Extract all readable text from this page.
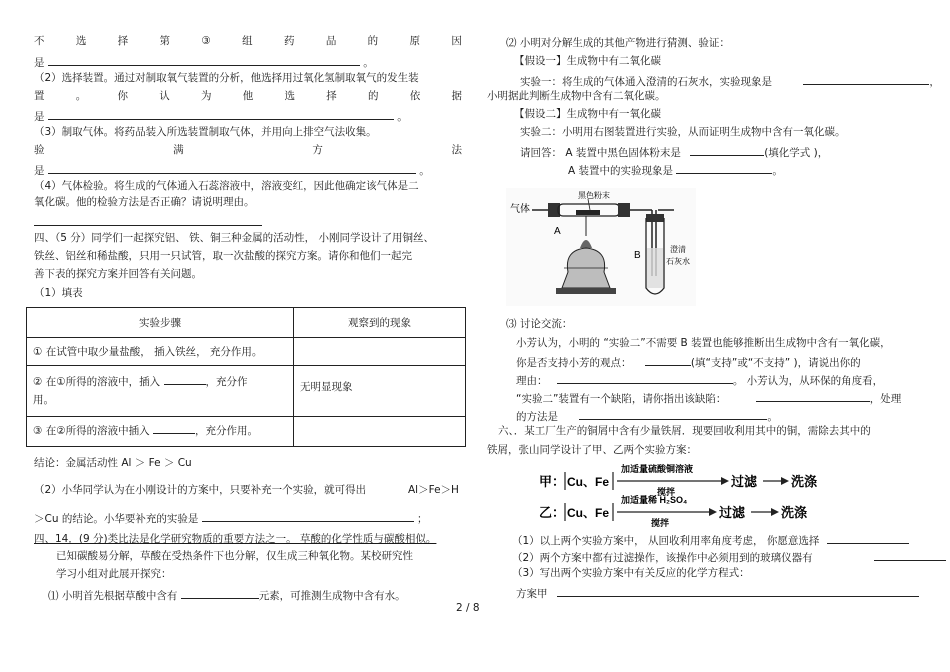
不	选	择	第	③	组	药	品	的	原	因
是	。
（2）选择装置。通过对制取氧气装置的分析，他选择用过氧化氢制取氧气的发生装
置	。	你	认	为	他	选	择	的	依	据
是	。
（3）制取气体。将药品装入所选装置制取气体，并用向上排空气法收集。
验	满	方	法
是	。
（4）气体检验。将生成的气体通入石蕊溶液中，溶液变红，因此他确定该气体是二
氧化碳。他的检验方法是否正确？请说明理由。
四、（5 分）同学们一起探究铝、 铁、铜三种金属的活动性， 小刚同学设计了用铜丝、
铁丝、铝丝和稀盐酸，只用一只试管，取一次盐酸的探究方案。请你和他们一起完
善下表的探究方案并回答有关问题。
（1）填表
实验步骤	观察到的现象
① 在试管中取少量盐酸， 插入铁丝， 充分作用。	
② 在①所得的溶液中，插入 ，充分作
用。	无明显现象
③ 在②所得的溶液中插入 ，充分作用。	
结论：金属活动性 Al ＞ Fe ＞ Cu
（2）小华同学认为在小刚设计的方案中，只要补充一个实验，就可得出	Al＞Fe＞H
＞Cu 的结论。小华要补充的实验是	；
四、14．(9 分)类比法是化学研究物质的重要方法之一。 草酸的化学性质与碳酸相似。
已知碳酸易分解，草酸在受热条件下也分解，仅生成三种氧化物。某校研究性
学习小组对此展开探究：
⑴ 小明首先根据草酸中含有	元素，可推测生成物中含有水。
⑵ 小明对分解生成的其他产物进行猜测、验证：
【假设一】生成物中有二氧化碳
实验一：将生成的气体通入澄清的石灰水，实验现象是	，
小明据此判断生成物中含有二氧化碳。
【假设二】生成物中有一氧化碳
实验二：小明用右图装置进行实验，从而证明生成物中含有一氧化碳。
请回答： A 装置中黑色固体粉末是	(填化学式 )，
A 装置中的实验现象是	。
气体
黑色粉末
A
B
澄清
石灰水
⑶ 讨论交流：
小芳认为，小明的 “实验二”不需要 B 装置也能够推断出生成物中含有一氧化碳，
你是否支持小芳的观点：	(填“支持”或“不支持” )，请说出你的
理由：	。 小芳认为，从环保的角度看，
“实验二”装置有一个缺陷，请你指出该缺陷：	，处理
的方法是	。
六、．某工厂生产的铜屑中含有少量铁屑．现要回收利用其中的铜，需除去其中的
铁屑，张山同学设计了甲、乙两个实验方案：
甲： Cu、Fe
加适量硫酸铜溶液
搅拌
过滤	洗涤
乙： Cu、Fe
加适量稀 H₂SO₄
搅拌
过滤	洗涤
（1）以上两个实验方案中， 从回收利用率角度考虑， 你愿意选择
（2）两个方案中都有过滤操作，该操作中必须用到的玻璃仪器有
（3）写出两个实验方案中有关反应的化学方程式：
方案甲
2 / 8
